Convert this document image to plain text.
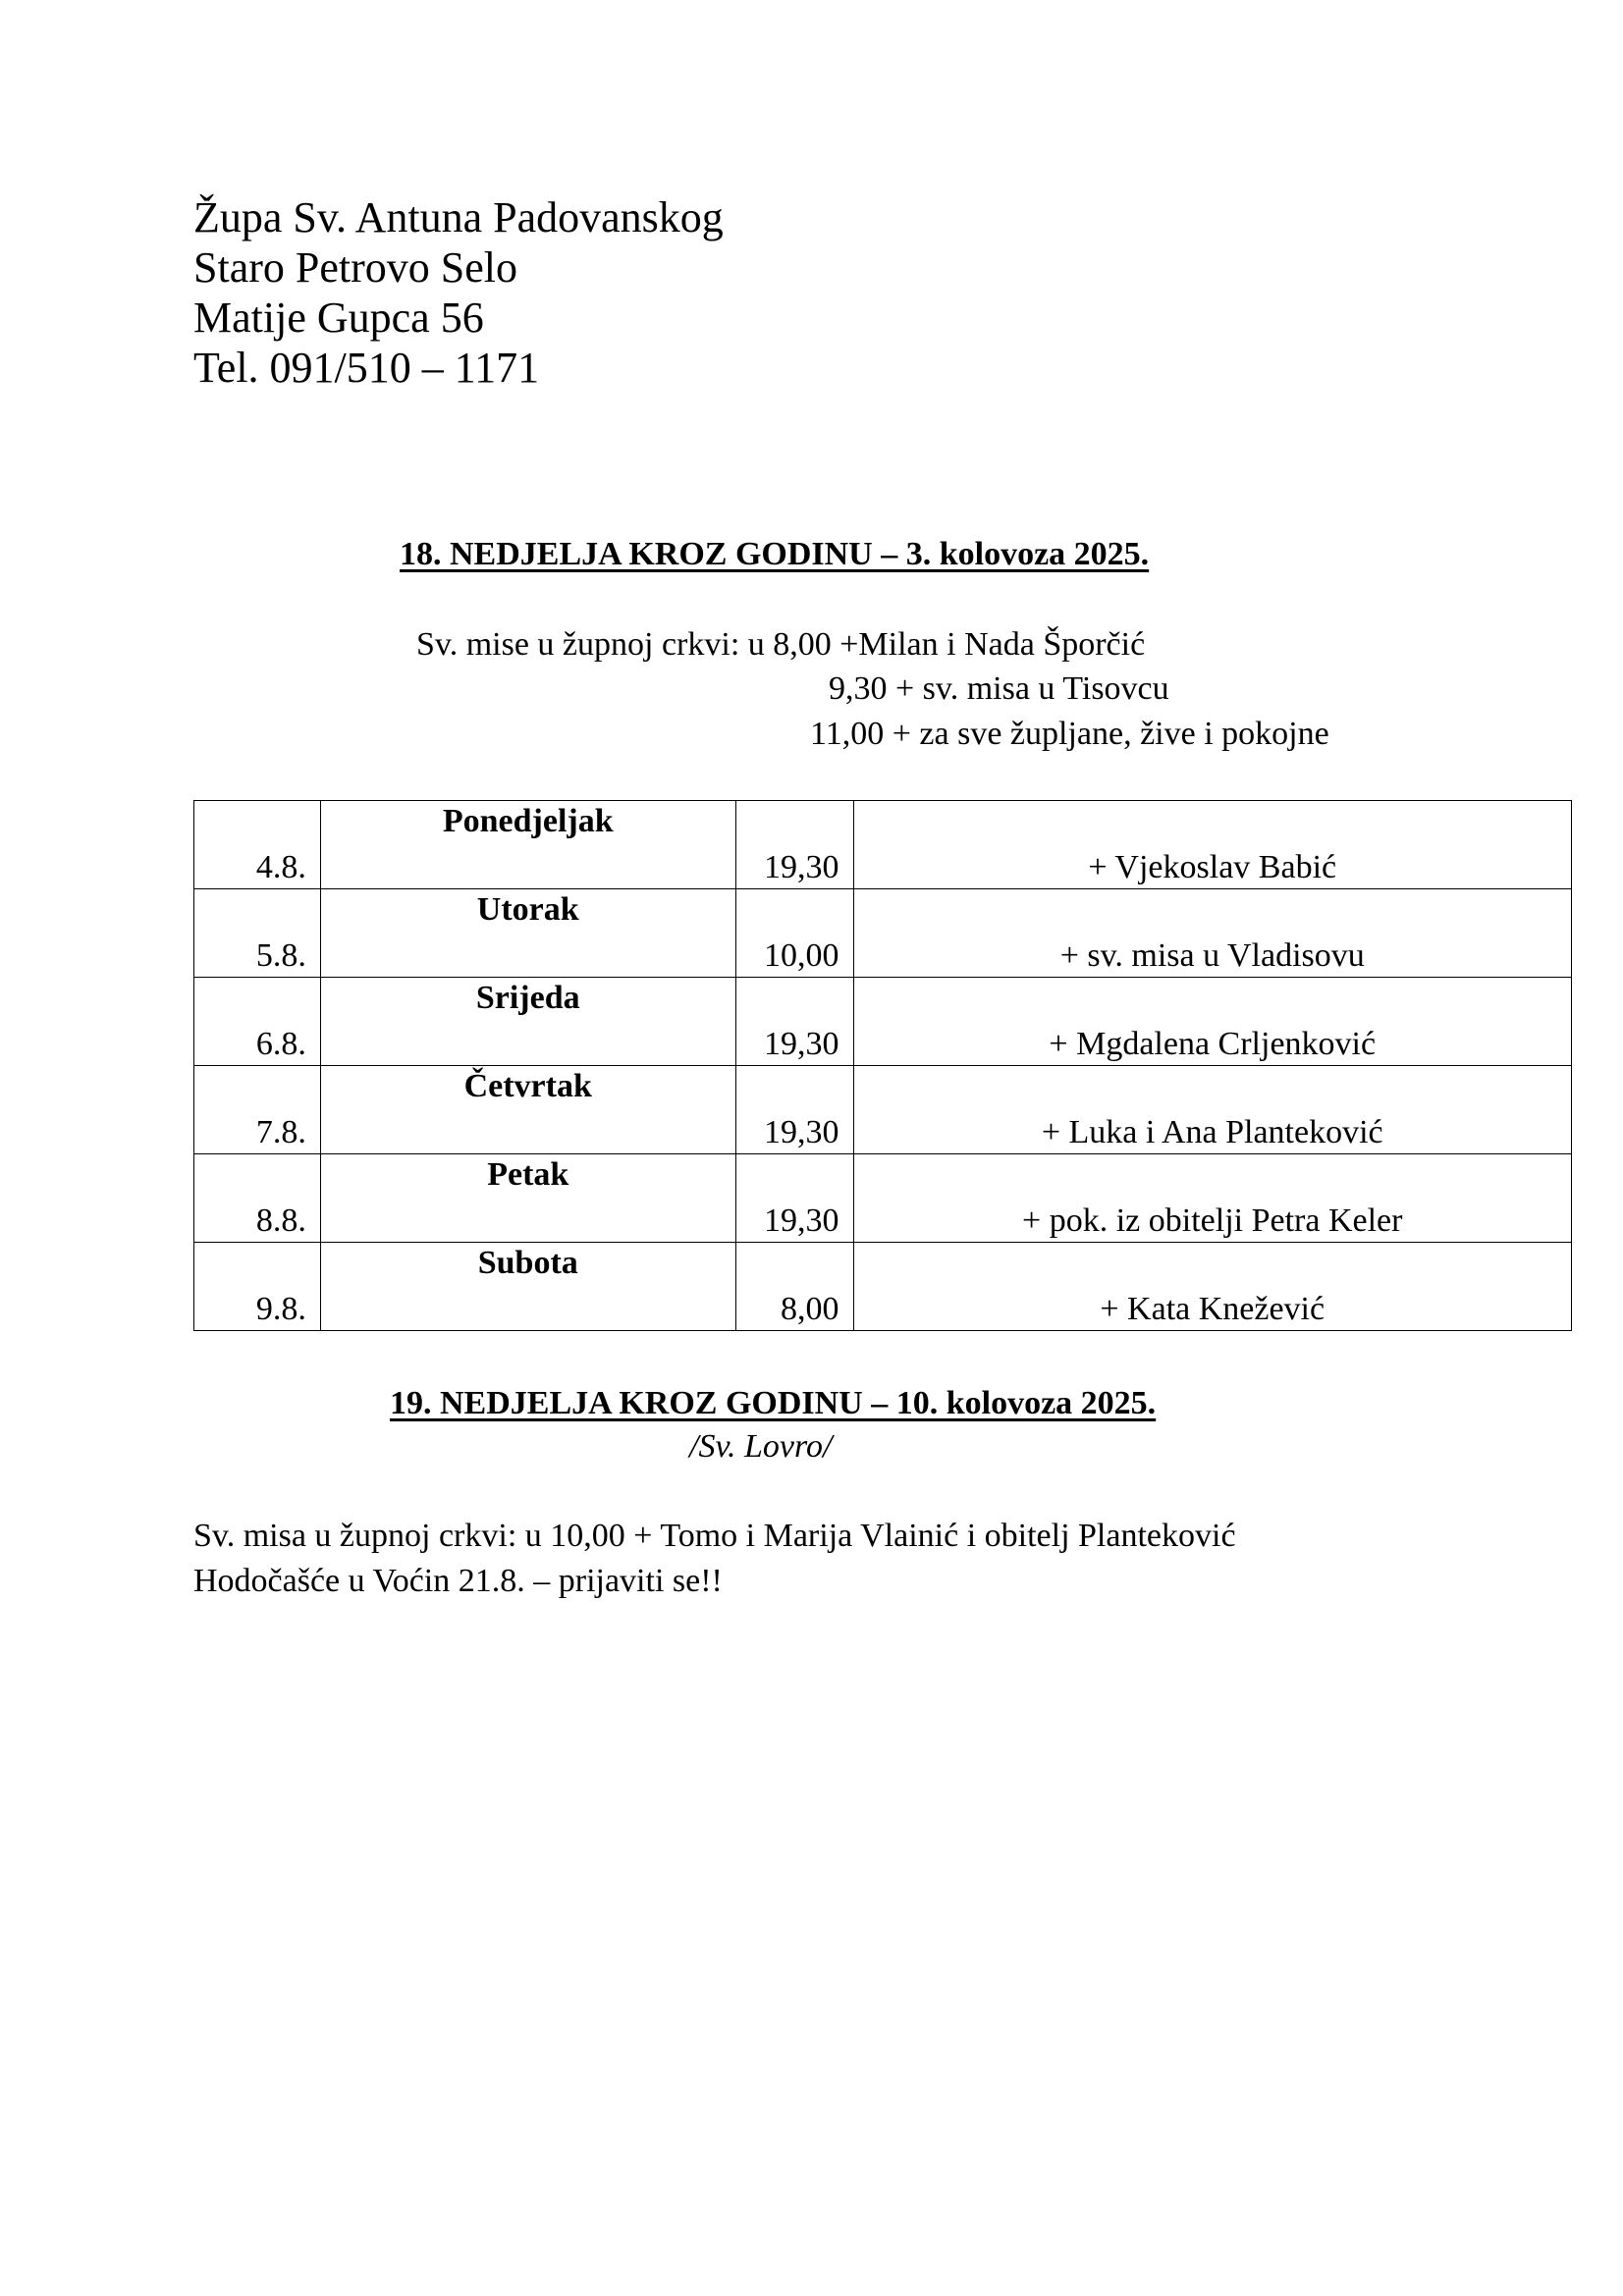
Župa Sv. Antuna Padovanskog
Staro Petrovo Selo
Matije Gupca 56
Tel. 091/510 – 1171
18. NEDJELJA KROZ GODINU – 3. kolovoza 2025.
Sv. mise u župnoj crkvi: u 8,00 +Milan i Nada Šporčić
9,30 + sv. misa u Tisovcu
11,00 + za sve župljane, žive i pokojne
4.8.	Ponedjeljak	19,30	+ Vjekoslav Babić

5.8.	Utorak	10,00	+ sv. misa u Vladisovu

6.8.	Srijeda	19,30	+ Mgdalena Crljenković

7.8.	Četvrtak	19,30	+ Luka i Ana Planteković

8.8.	Petak	19,30	+ pok. iz obitelji Petra Keler

9.8.	Subota	8,00	+ Kata Knežević
19. NEDJELJA KROZ GODINU – 10. kolovoza 2025.
/Sv. Lovro/
Sv. misa u župnoj crkvi: u 10,00 + Tomo i Marija Vlainić i obitelj Planteković
Hodočašće u Voćin 21.8. – prijaviti se!!
